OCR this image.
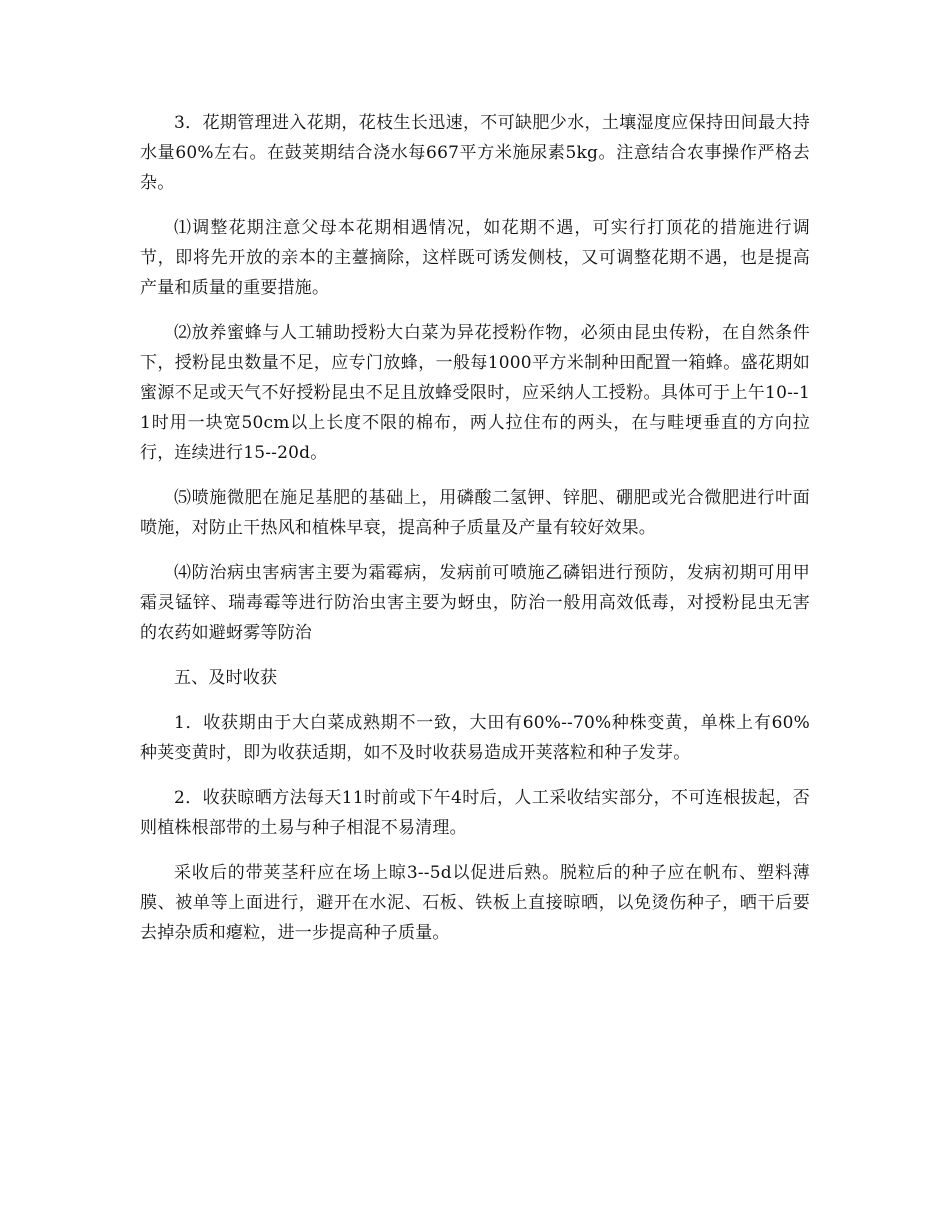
3．花期管理进入花期，花枝生长迅速，不可缺肥少水，土壤湿度应保持田间最大持水量60%左右。在鼓荚期结合浇水每667平方米施尿素5kg。注意结合农事操作严格去杂。

⑴调整花期注意父母本花期相遇情况，如花期不遇，可实行打顶花的措施进行调节，即将先开放的亲本的主薹摘除，这样既可诱发侧枝，又可调整花期不遇，也是提高产量和质量的重要措施。

⑵放养蜜蜂与人工辅助授粉大白菜为异花授粉作物，必须由昆虫传粉，在自然条件下，授粉昆虫数量不足，应专门放蜂，一般每1000平方米制种田配置一箱蜂。盛花期如蜜源不足或天气不好授粉昆虫不足且放蜂受限时，应采纳人工授粉。具体可于上午10--11时用一块宽50cm以上长度不限的棉布，两人拉住布的两头，在与畦埂垂直的方向拉行，连续进行15--20d。

⑸喷施微肥在施足基肥的基础上，用磷酸二氢钾、锌肥、硼肥或光合微肥进行叶面喷施，对防止干热风和植株早衰，提高种子质量及产量有较好效果。

⑷防治病虫害病害主要为霜霉病，发病前可喷施乙磷铝进行预防，发病初期可用甲霜灵锰锌、瑞毒霉等进行防治虫害主要为蚜虫，防治一般用高效低毒，对授粉昆虫无害的农药如避蚜雾等防治

五、及时收获

1．收获期由于大白菜成熟期不一致，大田有60%--70%种株变黄，单株上有60%种荚变黄时，即为收获适期，如不及时收获易造成开荚落粒和种子发芽。

2．收获晾晒方法每天11时前或下午4时后，人工采收结实部分，不可连根拔起，否则植株根部带的土易与种子相混不易清理。

采收后的带荚茎秆应在场上晾3--5d以促进后熟。脱粒后的种子应在帆布、塑料薄膜、被单等上面进行，避开在水泥、石板、铁板上直接晾晒，以免烫伤种子，晒干后要去掉杂质和瘪粒，进一步提高种子质量。
